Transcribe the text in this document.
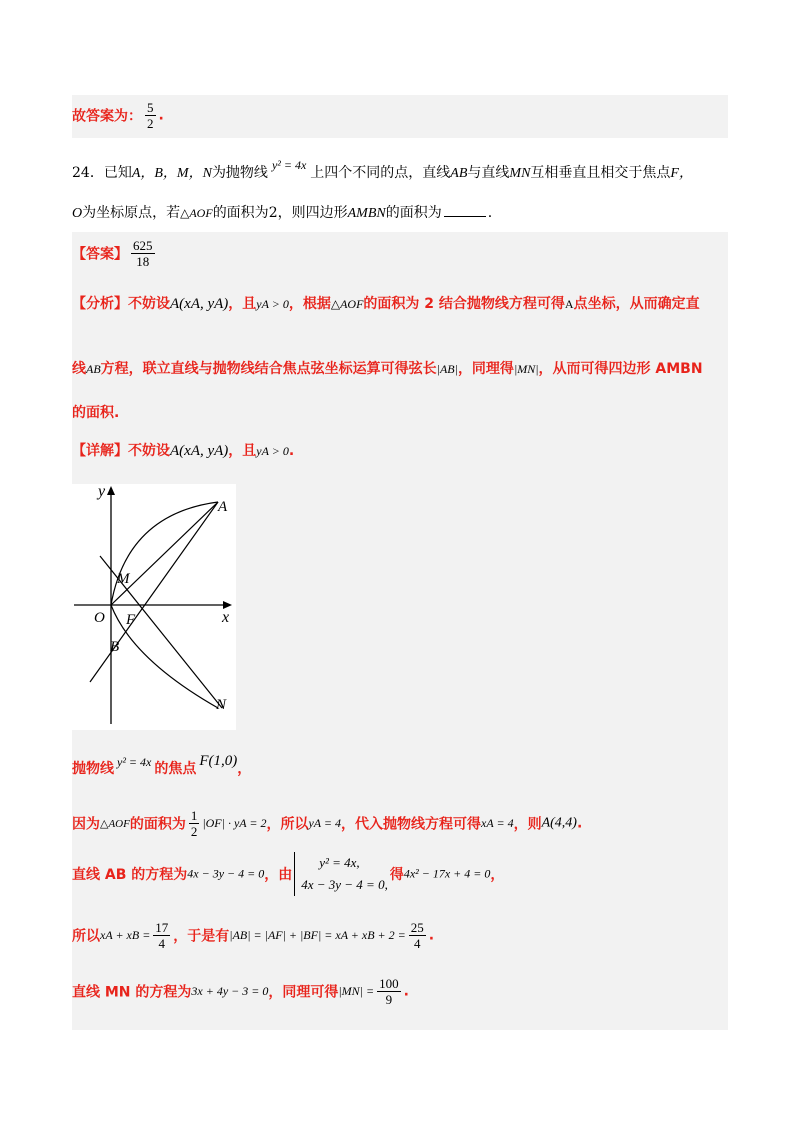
故答案为： $\frac{5}{2}$ .
24．已知A，B，M，N为抛物线 y² = 4x 上四个不同的点，直线AB与直线MN互相垂直且相交于焦点F，
O为坐标原点，若△AOF的面积为2，则四边形AMBN的面积为	.
【答案】 $\frac{625}{18}$
【分析】不妨设A(xA, yA)，且yA > 0，根据△AOF的面积为 2 结合抛物线方程可得A点坐标，从而确定直
线AB方程，联立直线与抛物线结合焦点弦坐标运算可得弦长|AB|，同理得|MN|，从而可得四边形 AMBN
的面积.
【详解】不妨设A(xA, yA)，且yA > 0.
y
x
A
M
O F
B
N
抛物线 y² = 4x 的焦点 F(1,0)，
因为△AOF的面积为 $\frac{1}{2} |OF|$ · yA = 2，所以yA = 4，代入抛物线方程可得xA = 4，则A(4,4).
直线 AB 的方程为4x − 3y − 4 = 0，由
y² = 4x,
4x − 3y − 4 = 0,
得4x² − 17x + 4 = 0，
所以xA + xB = $\frac{17}{4}$ ，于是有|AB| = |AF| + |BF| = xA + xB + $2 = \frac{25}{4}$ .
直线 MN 的方程为3x + 4y − 3 = 0，同理可得$|MN| = \frac{100}{9}$ .
